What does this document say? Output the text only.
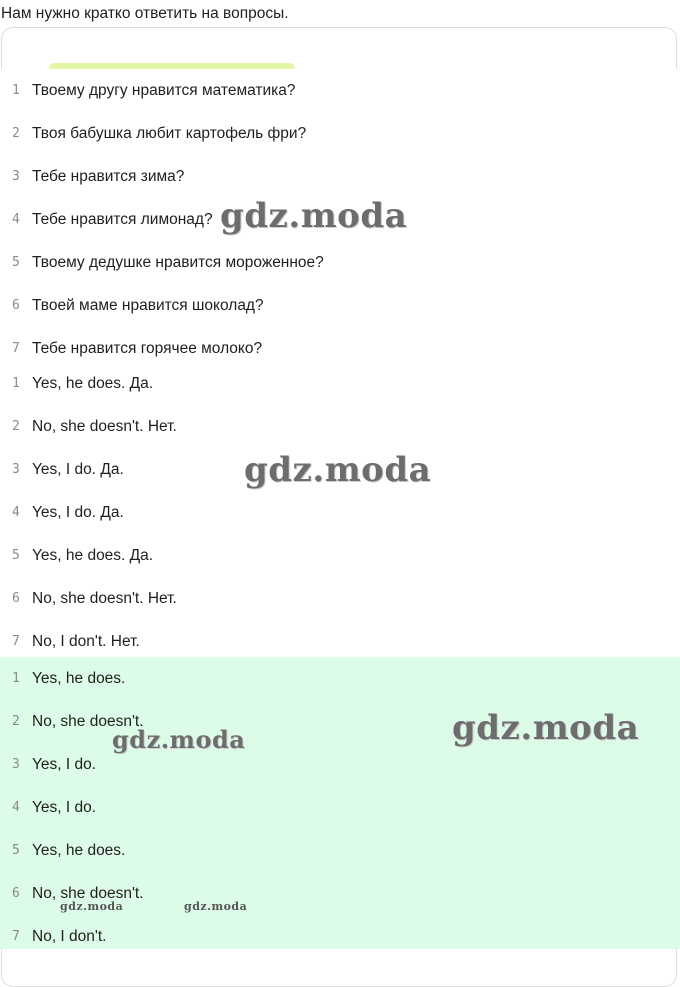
Нам нужно кратко ответить на вопросы.

1 Твоему другу нравится математика?
2 Твоя бабушка любит картофель фри?
3 Тебе нравится зима?
4 Тебе нравится лимонад?
5 Твоему дедушке нравится мороженное?
6 Твоей маме нравится шоколад?
7 Тебе нравится горячее молоко?
1 Yes, he does. Да.
2 No, she doesn't. Нет.
3 Yes, I do. Да.
4 Yes, I do. Да.
5 Yes, he does. Да.
6 No, she doesn't. Нет.
7 No, I don't. Нет.
1 Yes, he does.
2 No, she doesn't.
3 Yes, I do.
4 Yes, I do.
5 Yes, he does.
6 No, she doesn't.
7 No, I don't.
gdz.moda
gdz.moda
gdz.moda
gdz.moda
gdz.moda	gdz.moda
